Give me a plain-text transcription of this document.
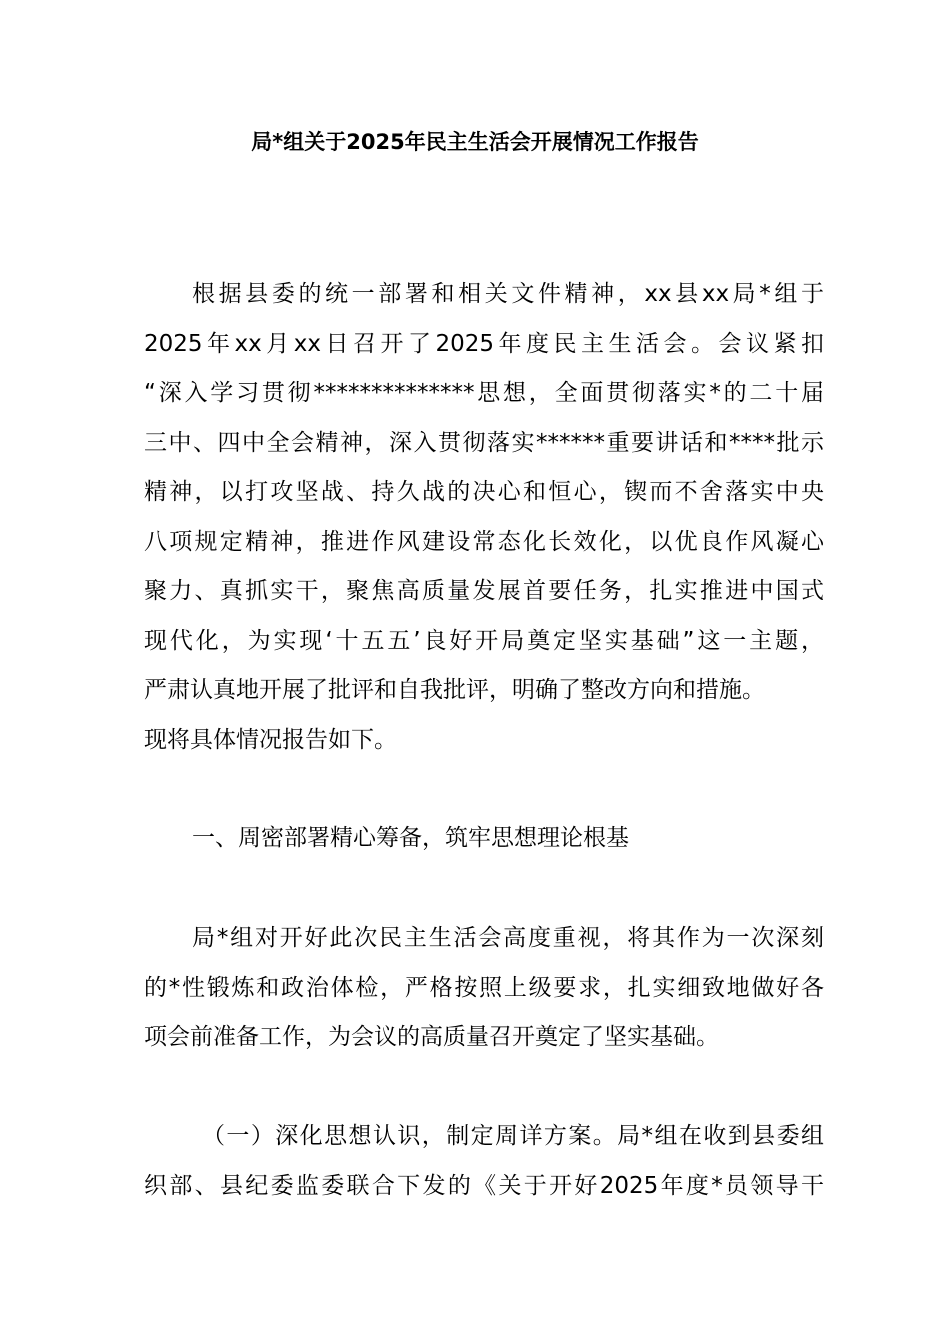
局*组关于2025年民主生活会开展情况工作报告
根据县委的统一部署和相关文件精神，xx县xx局*组于
2025年xx月xx日召开了2025年度民主生活会。会议紧扣
“深入学习贯彻**************思想，全面贯彻落实*的二十届
三中、四中全会精神，深入贯彻落实******重要讲话和****批示
精神，以打攻坚战、持久战的决心和恒心，锲而不舍落实中央
八项规定精神，推进作风建设常态化长效化，以优良作风凝心
聚力、真抓实干，聚焦高质量发展首要任务，扎实推进中国式
现代化，为实现‘十五五’良好开局奠定坚实基础”这一主题，
严肃认真地开展了批评和自我批评，明确了整改方向和措施。
现将具体情况报告如下。
一、周密部署精心筹备，筑牢思想理论根基
局*组对开好此次民主生活会高度重视，将其作为一次深刻
的*性锻炼和政治体检，严格按照上级要求，扎实细致地做好各
项会前准备工作，为会议的高质量召开奠定了坚实基础。
（一）深化思想认识，制定周详方案。局*组在收到县委组
织部、县纪委监委联合下发的《关于开好2025年度*员领导干
